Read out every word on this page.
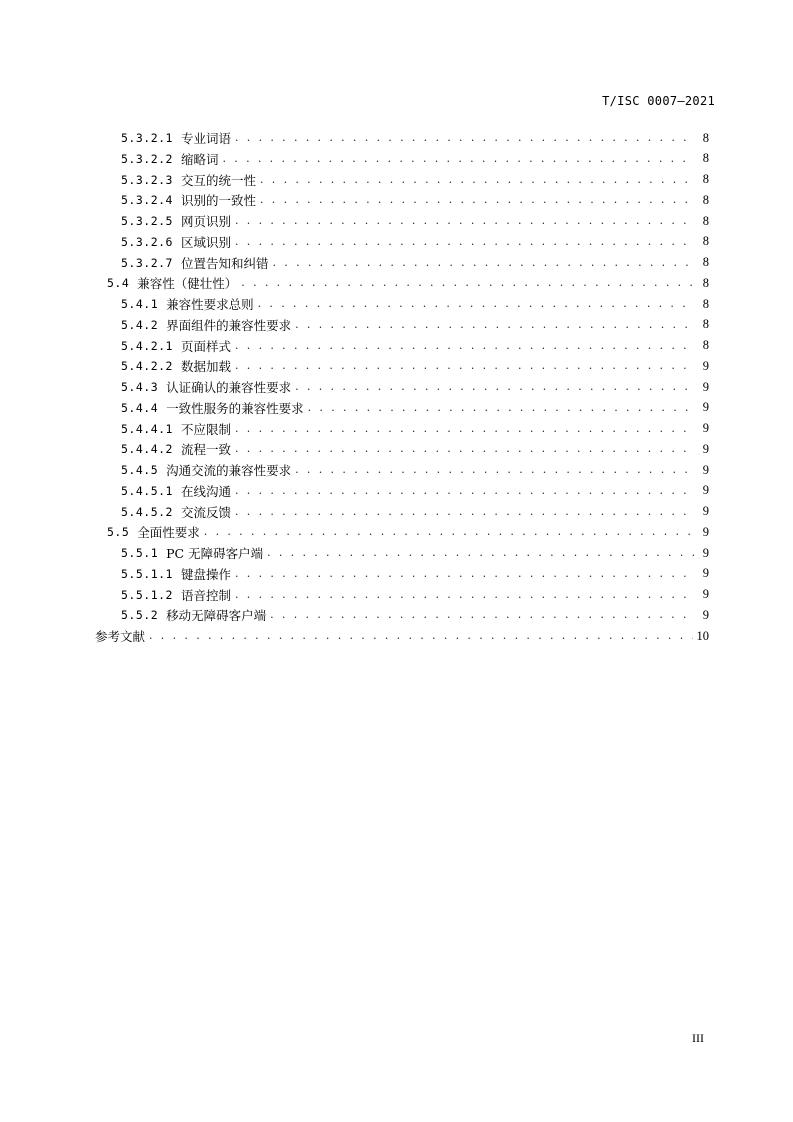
T/ISC 0007—2021
5.3.2.1 专业词语 . . .	8
5.3.2.2 缩略词 . . .	8
5.3.2.3 交互的统一性 . . .	8
5.3.2.4 识别的一致性 . . .	8
5.3.2.5 网页识别 . . .	8
5.3.2.6 区域识别 . . .	8
5.3.2.7 位置告知和纠错 . . .	8
5.4 兼容性（健壮性） . . .	8
5.4.1 兼容性要求总则 . . .	8
5.4.2 界面组件的兼容性要求 . . .	8
5.4.2.1 页面样式 . . .	8
5.4.2.2 数据加载 . . .	9
5.4.3 认证确认的兼容性要求 . . .	9
5.4.4 一致性服务的兼容性要求 . . .	9
5.4.4.1 不应限制 . . .	9
5.4.4.2 流程一致 . . .	9
5.4.5 沟通交流的兼容性要求 . . .	9
5.4.5.1 在线沟通 . . .	9
5.4.5.2 交流反馈 . . .	9
5.5 全面性要求 . . .	9
5.5.1 PC 无障碍客户端 . . .	9
5.5.1.1 键盘操作 . . .	9
5.5.1.2 语音控制 . . .	9
5.5.2 移动无障碍客户端 . . .	9
参考文献 . . .	10
III
